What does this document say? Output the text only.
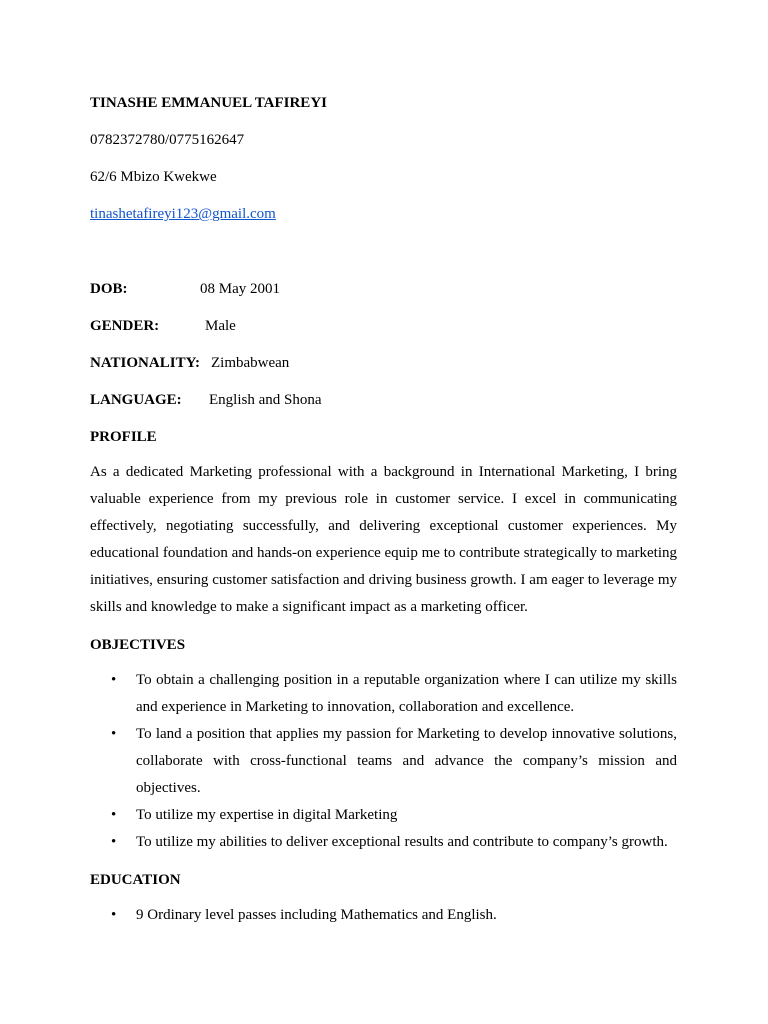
TINASHE EMMANUEL TAFIREYI
0782372780/0775162647
62/6 Mbizo Kwekwe
tinashetafireyi123@gmail.com
DOB:	08 May 2001
GENDER:	Male
NATIONALITY: Zimbabwean
LANGUAGE: English and Shona
PROFILE

As a dedicated Marketing professional with a background in International Marketing, I bring valuable experience from my previous role in customer service. I excel in communicating effectively, negotiating successfully, and delivering exceptional customer experiences. My educational foundation and hands-on experience equip me to contribute strategically to marketing initiatives, ensuring customer satisfaction and driving business growth. I am eager to leverage my skills and knowledge to make a significant impact as a marketing officer.

OBJECTIVES
• To obtain a challenging position in a reputable organization where I can utilize my skills and experience in Marketing to innovation, collaboration and excellence.
• To land a position that applies my passion for Marketing to develop innovative solutions, collaborate with cross-functional teams and advance the company’s mission and objectives.
• To utilize my expertise in digital Marketing
• To utilize my abilities to deliver exceptional results and contribute to company’s growth.
EDUCATION
• 9 Ordinary level passes including Mathematics and English.
